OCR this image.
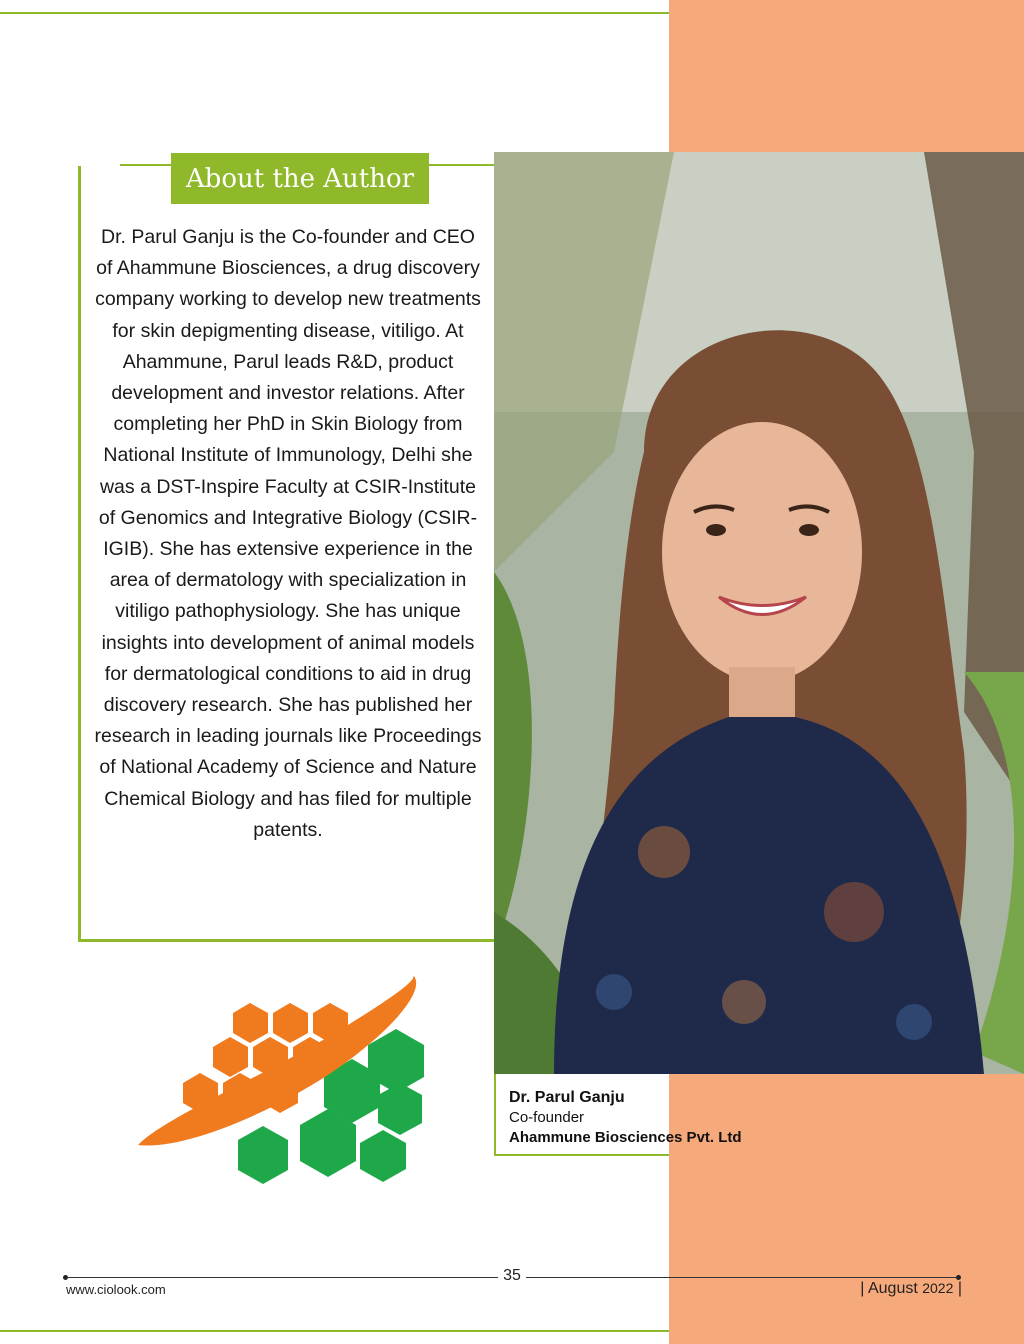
About the Author
Dr. Parul Ganju is the Co-founder and CEO of Ahammune Biosciences, a drug discovery company working to develop new treatments for skin depigmenting disease, vitiligo. At Ahammune, Parul leads R&D, product development and investor relations. After completing her PhD in Skin Biology from National Institute of Immunology, Delhi she was a DST-Inspire Faculty at CSIR-Institute of Genomics and Integrative Biology (CSIR-IGIB). She has extensive experience in the area of dermatology with specialization in vitiligo pathophysiology. She has unique insights into development of animal models for dermatological conditions to aid in drug discovery research. She has published her research in leading journals like Proceedings of National Academy of Science and Nature Chemical Biology and has filed for multiple patents.
Dr. Parul Ganju
Co-founder
Ahammune Biosciences Pvt. Ltd
35
www.ciolook.com	| August 2022 |
